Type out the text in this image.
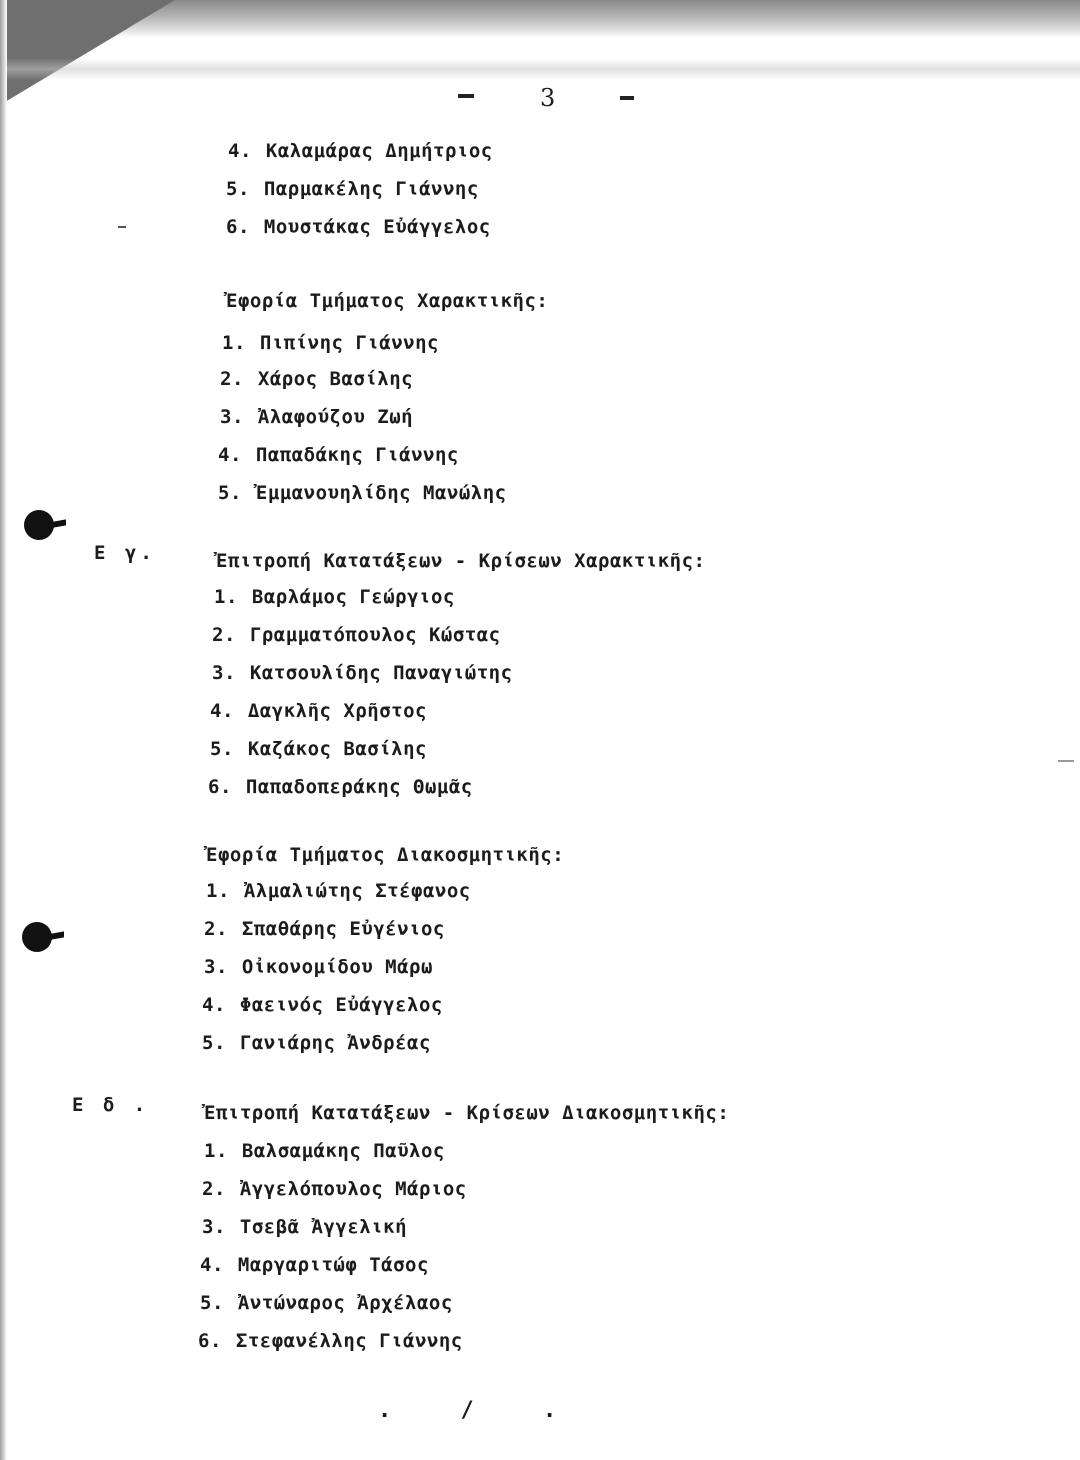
3
4. Καλαμάρας Δημήτριος
5. Παρμακέλης Γιάννης
6. Μουστάκας Εὐάγγελος
Ἐφορία Τμήματος Χαρακτικῆς:
1. Πιπίνης Γιάννης
2. Χάρος Βασίλης
3. Ἀλαφούζου Ζωή
4. Παπαδάκης Γιάννης
5. Ἐμμανουηλίδης Μανώλης
Ε γ.	Ἐπιτροπή Κατατάξεων - Κρίσεων Χαρακτικῆς:
1. Βαρλάμος Γεώργιος
2. Γραμματόπουλος Κώστας
3. Κατσουλίδης Παναγιώτης
4. Δαγκλῆς Χρῆστος
5. Καζάκος Βασίλης
6. Παπαδοπεράκης Θωμᾶς
Ἐφορία Τμήματος Διακοσμητικῆς:
1. Ἀλμαλιώτης Στέφανος
2. Σπαθάρης Εὐγένιος
3. Οἰκονομίδου Μάρω
4. Φαεινός Εὐάγγελος
5. Γανιάρης Ἀνδρέας
Ε δ .	Ἐπιτροπή Κατατάξεων - Κρίσεων Διακοσμητικῆς:
1. Βαλσαμάκης Παῦλος
2. Ἀγγελόπουλος Μάριος
3. Τσεβᾶ Ἀγγελική
4. Μαργαριτώφ Τάσος
5. Ἀντώναρος Ἀρχέλαος
6. Στεφανέλλης Γιάννης
. / .
